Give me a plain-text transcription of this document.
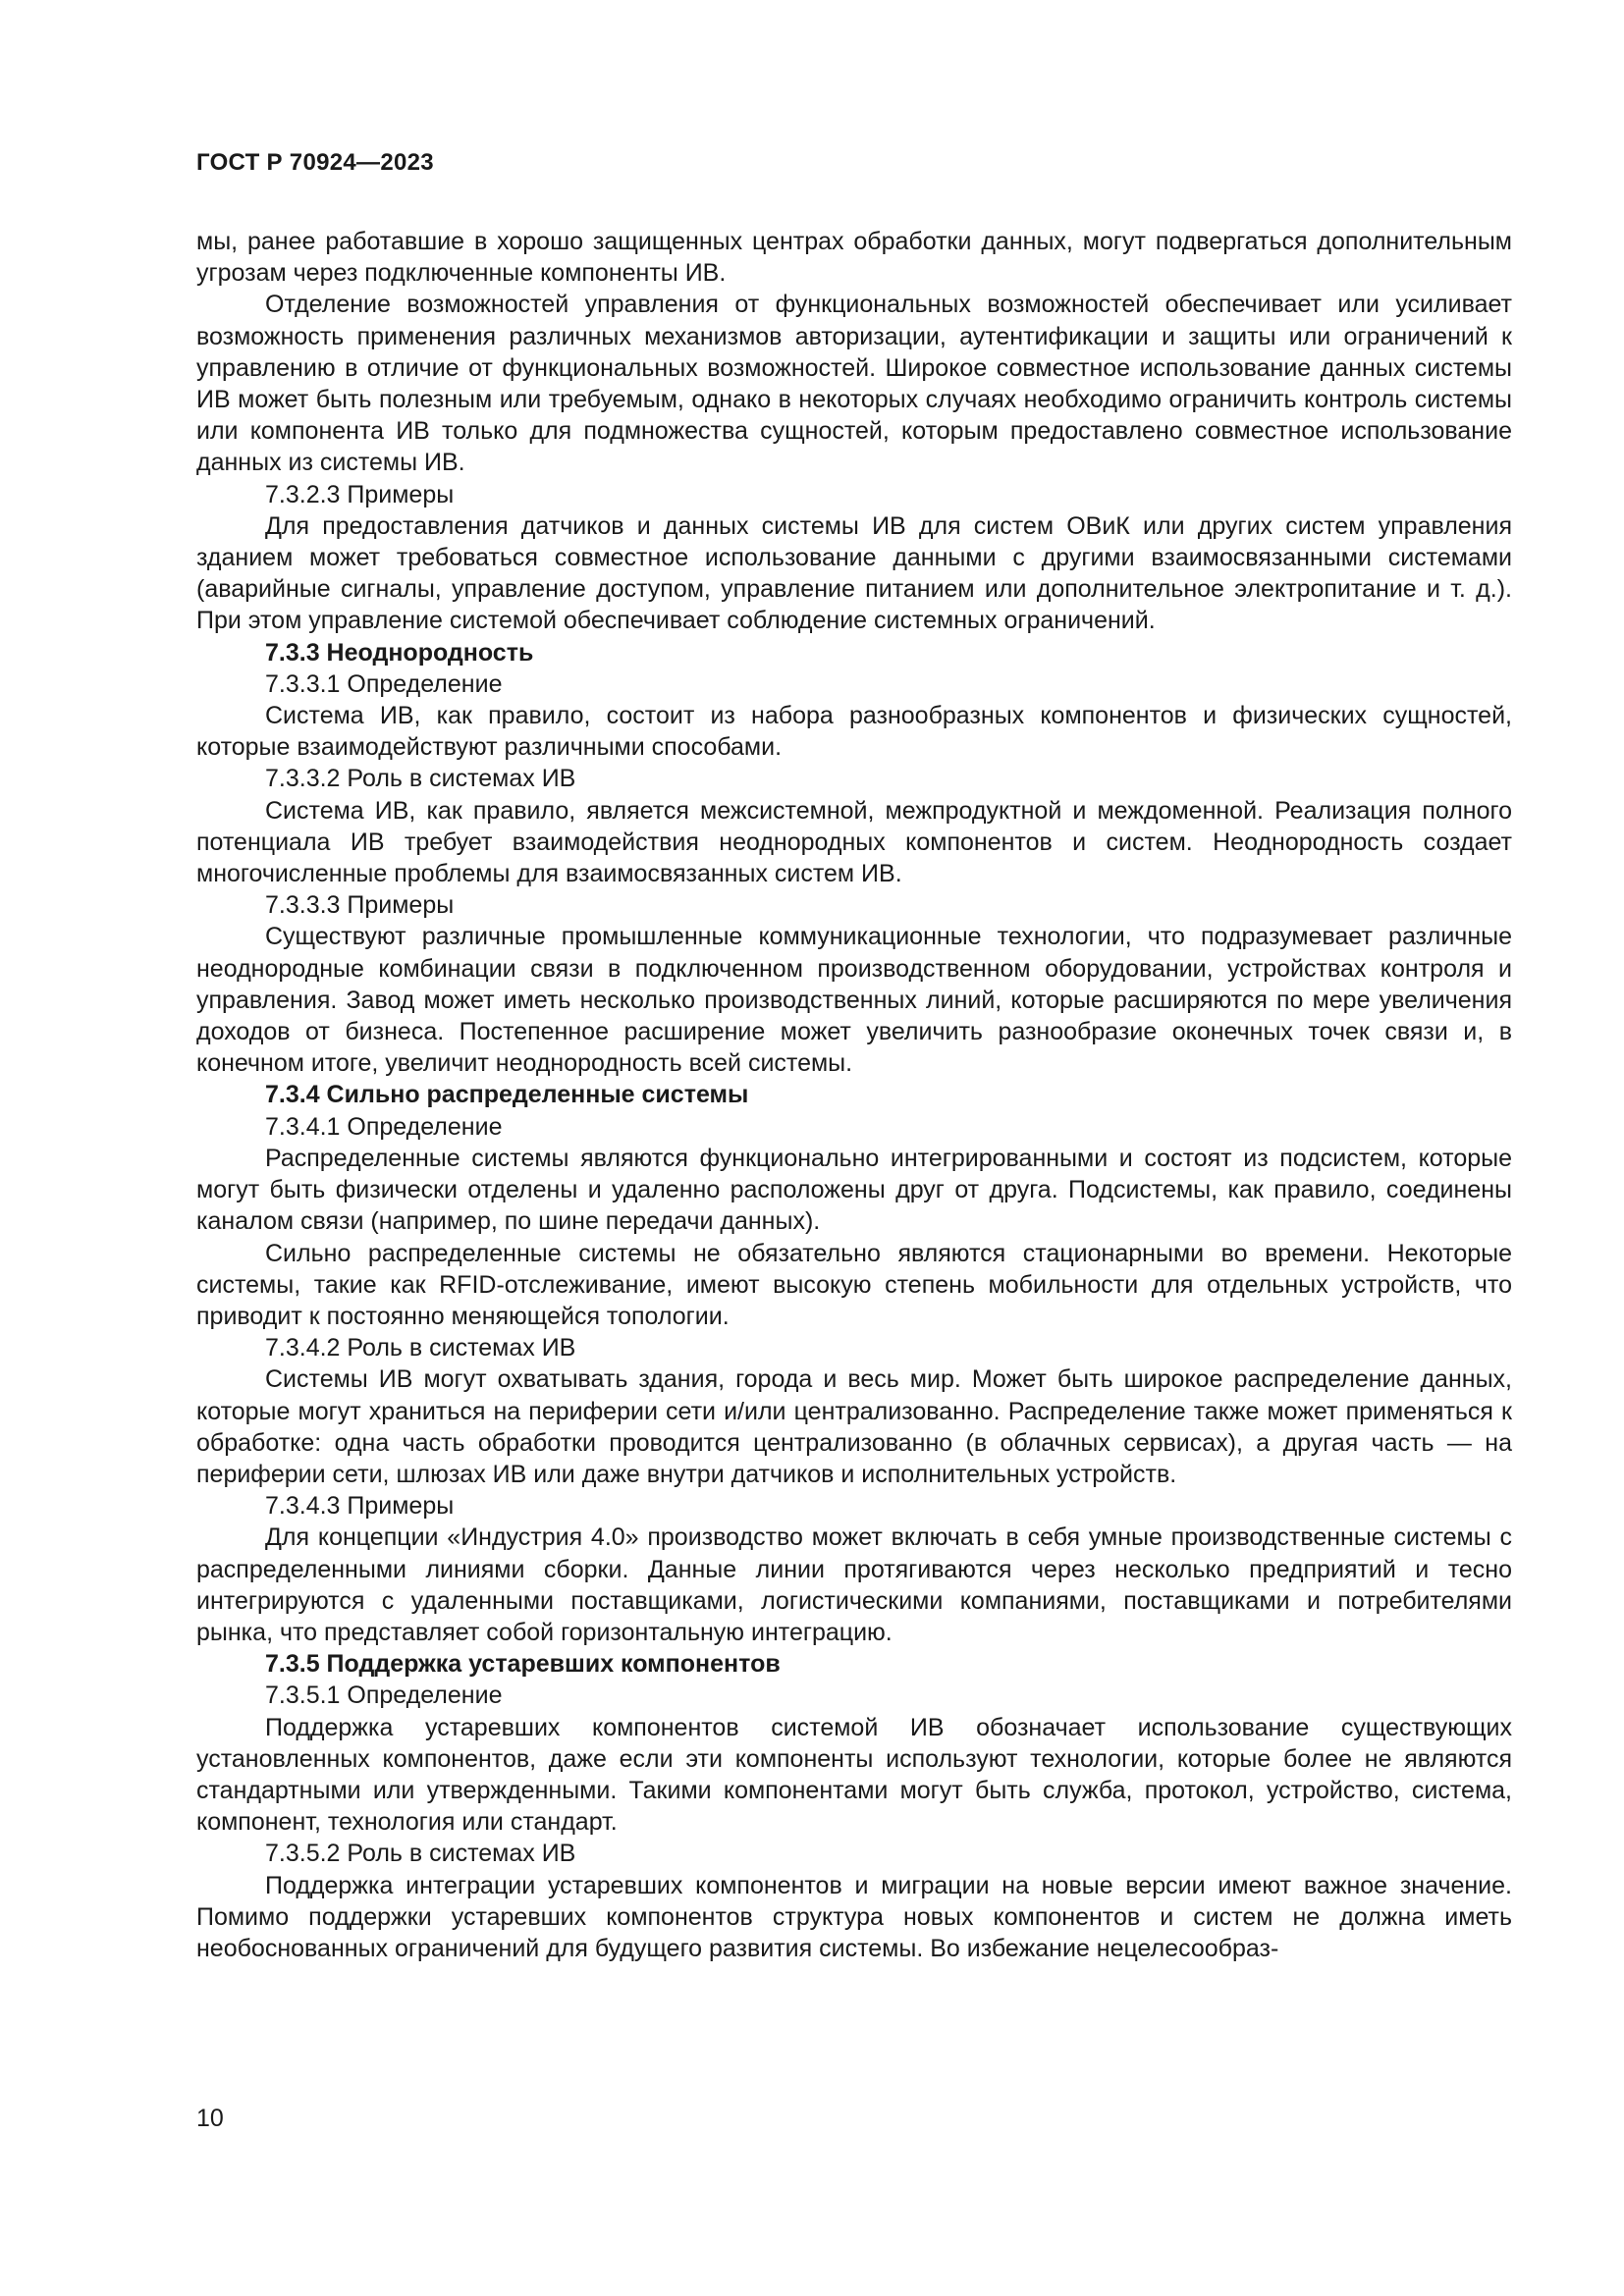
ГОСТ Р 70924—2023

мы, ранее работавшие в хорошо защищенных центрах обработки данных, могут подвергаться дополнительным угрозам через подключенные компоненты ИВ.

Отделение возможностей управления от функциональных возможностей обеспечивает или усиливает возможность применения различных механизмов авторизации, аутентификации и защиты или ограничений к управлению в отличие от функциональных возможностей. Широкое совместное использование данных системы ИВ может быть полезным или требуемым, однако в некоторых случаях необходимо ограничить контроль системы или компонента ИВ только для подмножества сущностей, которым предоставлено совместное использование данных из системы ИВ.

7.3.2.3 Примеры

Для предоставления датчиков и данных системы ИВ для систем ОВиК или других систем управления зданием может требоваться совместное использование данными с другими взаимосвязанными системами (аварийные сигналы, управление доступом, управление питанием или дополнительное электропитание и т. д.). При этом управление системой обеспечивает соблюдение системных ограничений.

7.3.3 Неоднородность

7.3.3.1 Определение

Система ИВ, как правило, состоит из набора разнообразных компонентов и физических сущностей, которые взаимодействуют различными способами.

7.3.3.2 Роль в системах ИВ

Система ИВ, как правило, является межсистемной, межпродуктной и междоменной. Реализация полного потенциала ИВ требует взаимодействия неоднородных компонентов и систем. Неоднородность создает многочисленные проблемы для взаимосвязанных систем ИВ.

7.3.3.3 Примеры

Существуют различные промышленные коммуникационные технологии, что подразумевает различные неоднородные комбинации связи в подключенном производственном оборудовании, устройствах контроля и управления. Завод может иметь несколько производственных линий, которые расширяются по мере увеличения доходов от бизнеса. Постепенное расширение может увеличить разнообразие оконечных точек связи и, в конечном итоге, увеличит неоднородность всей системы.

7.3.4 Сильно распределенные системы

7.3.4.1 Определение

Распределенные системы являются функционально интегрированными и состоят из подсистем, которые могут быть физически отделены и удаленно расположены друг от друга. Подсистемы, как правило, соединены каналом связи (например, по шине передачи данных).

Сильно распределенные системы не обязательно являются стационарными во времени. Некоторые системы, такие как RFID-отслеживание, имеют высокую степень мобильности для отдельных устройств, что приводит к постоянно меняющейся топологии.

7.3.4.2 Роль в системах ИВ

Системы ИВ могут охватывать здания, города и весь мир. Может быть широкое распределение данных, которые могут храниться на периферии сети и/или централизованно. Распределение также может применяться к обработке: одна часть обработки проводится централизованно (в облачных сервисах), а другая часть — на периферии сети, шлюзах ИВ или даже внутри датчиков и исполнительных устройств.

7.3.4.3 Примеры

Для концепции «Индустрия 4.0» производство может включать в себя умные производственные системы с распределенными линиями сборки. Данные линии протягиваются через несколько предприятий и тесно интегрируются с удаленными поставщиками, логистическими компаниями, поставщиками и потребителями рынка, что представляет собой горизонтальную интеграцию.

7.3.5 Поддержка устаревших компонентов

7.3.5.1 Определение

Поддержка устаревших компонентов системой ИВ обозначает использование существующих установленных компонентов, даже если эти компоненты используют технологии, которые более не являются стандартными или утвержденными. Такими компонентами могут быть служба, протокол, устройство, система, компонент, технология или стандарт.

7.3.5.2 Роль в системах ИВ

Поддержка интеграции устаревших компонентов и миграции на новые версии имеют важное значение. Помимо поддержки устаревших компонентов структура новых компонентов и систем не должна иметь необоснованных ограничений для будущего развития системы. Во избежание нецелесообраз-

10
